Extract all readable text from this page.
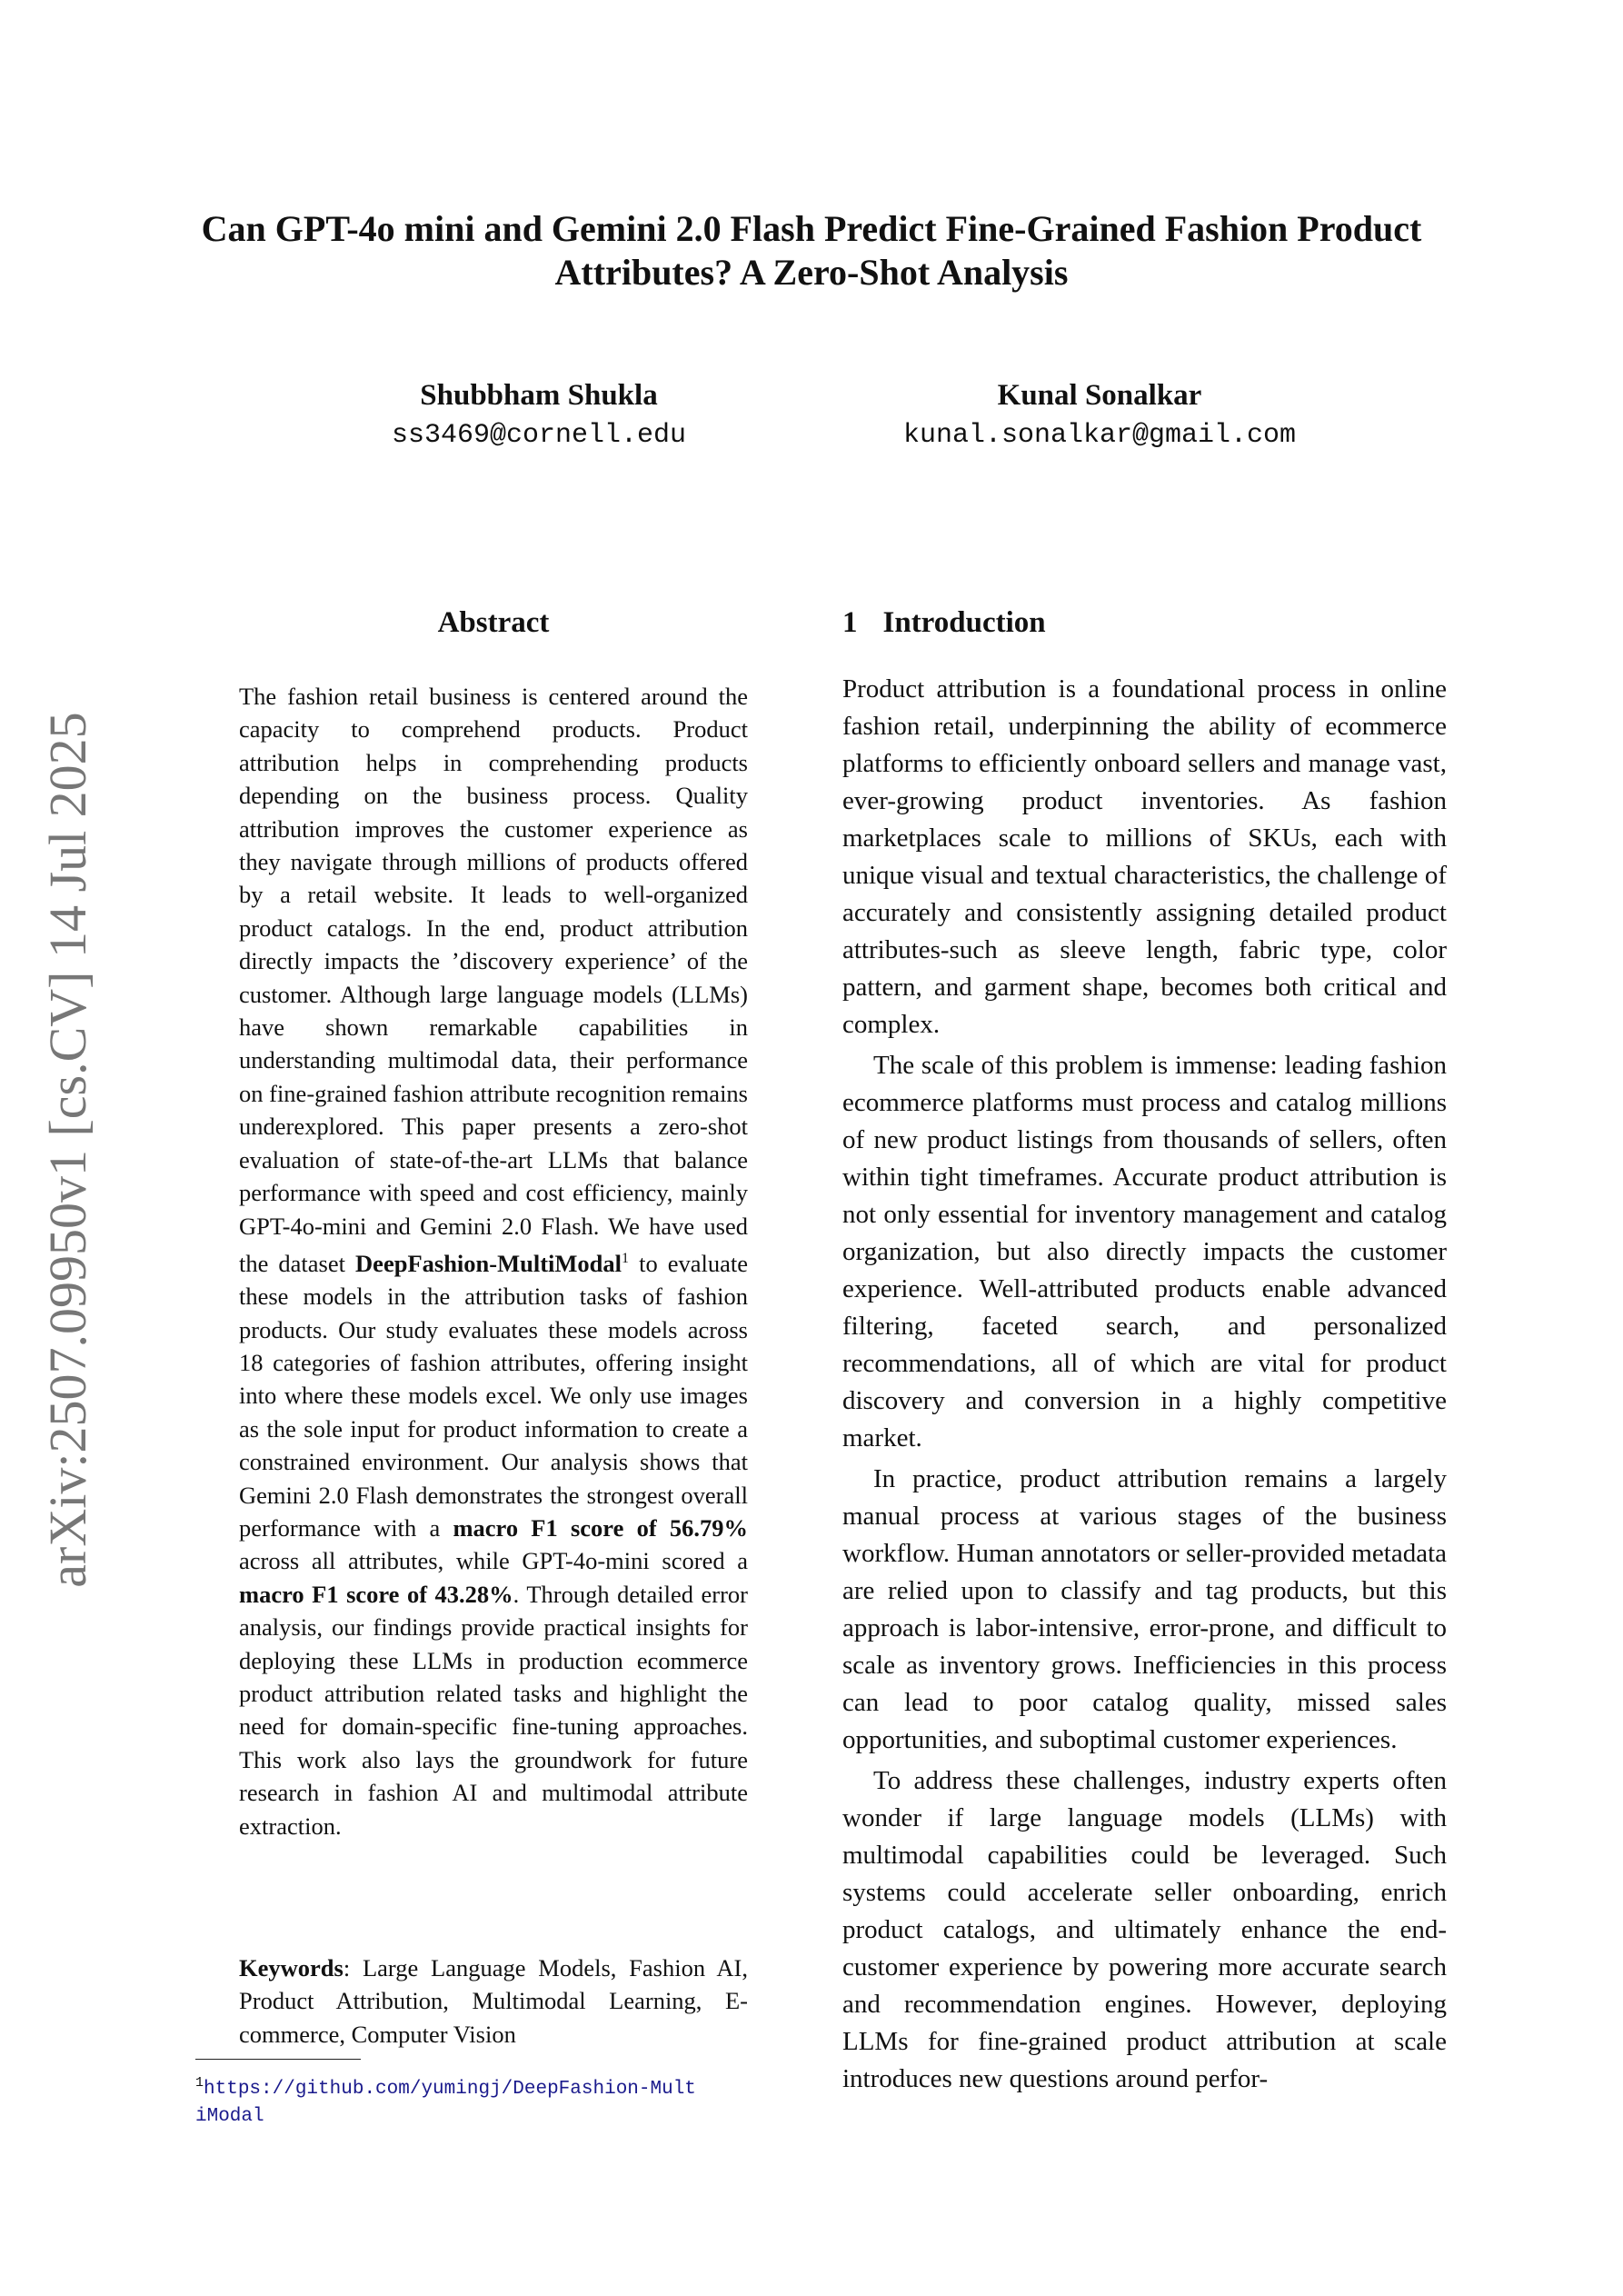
Can GPT-4o mini and Gemini 2.0 Flash Predict Fine-Grained Fashion Product Attributes? A Zero-Shot Analysis
Shubbham Shukla
ss3469@cornell.edu
Kunal Sonalkar
kunal.sonalkar@gmail.com
arXiv:2507.09950v1 [cs.CV] 14 Jul 2025
Abstract

The fashion retail business is centered around the capacity to comprehend products. Product attribution helps in comprehending products depending on the business process. Quality attribution improves the customer experience as they navigate through millions of products offered by a retail website. It leads to well-organized product catalogs. In the end, product attribution directly impacts the ’discovery experience’ of the customer. Although large language models (LLMs) have shown remarkable capabilities in understanding multimodal data, their performance on fine-grained fashion attribute recognition remains underexplored. This paper presents a zero-shot evaluation of state-of-the-art LLMs that balance performance with speed and cost efficiency, mainly GPT-4o-mini and Gemini 2.0 Flash. We have used the dataset DeepFashion-MultiModal$^1$ to evaluate these models in the attribution tasks of fashion products. Our study evaluates these models across 18 categories of fashion attributes, offering insight into where these models excel. We only use images as the sole input for product information to create a constrained environment. Our analysis shows that Gemini 2.0 Flash demonstrates the strongest overall performance with a macro F1 score of 56.79% across all attributes, while GPT-4o-mini scored a macro F1 score of 43.28%. Through detailed error analysis, our findings provide practical insights for deploying these LLMs in production ecommerce product attribution related tasks and highlight the need for domain-specific fine-tuning approaches. This work also lays the groundwork for future research in fashion AI and multimodal attribute extraction.

Keywords: Large Language Models, Fashion AI, Product Attribution, Multimodal Learning, E-commerce, Computer Vision
$^1$https://github.com/yumingj/DeepFashion-MultiModal
1 Introduction

Product attribution is a foundational process in online fashion retail, underpinning the ability of ecommerce platforms to efficiently onboard sellers and manage vast, ever-growing product inventories. As fashion marketplaces scale to millions of SKUs, each with unique visual and textual characteristics, the challenge of accurately and consistently assigning detailed product attributes-such as sleeve length, fabric type, color pattern, and garment shape, becomes both critical and complex.

The scale of this problem is immense: leading fashion ecommerce platforms must process and catalog millions of new product listings from thousands of sellers, often within tight timeframes. Accurate product attribution is not only essential for inventory management and catalog organization, but also directly impacts the customer experience. Well-attributed products enable advanced filtering, faceted search, and personalized recommendations, all of which are vital for product discovery and conversion in a highly competitive market.

In practice, product attribution remains a largely manual process at various stages of the business workflow. Human annotators or seller-provided metadata are relied upon to classify and tag products, but this approach is labor-intensive, error-prone, and difficult to scale as inventory grows. Inefficiencies in this process can lead to poor catalog quality, missed sales opportunities, and suboptimal customer experiences.

To address these challenges, industry experts often wonder if large language models (LLMs) with multimodal capabilities could be leveraged. Such systems could accelerate seller onboarding, enrich product catalogs, and ultimately enhance the end-customer experience by powering more accurate search and recommendation engines. However, deploying LLMs for fine-grained product attribution at scale introduces new questions around perfor-
